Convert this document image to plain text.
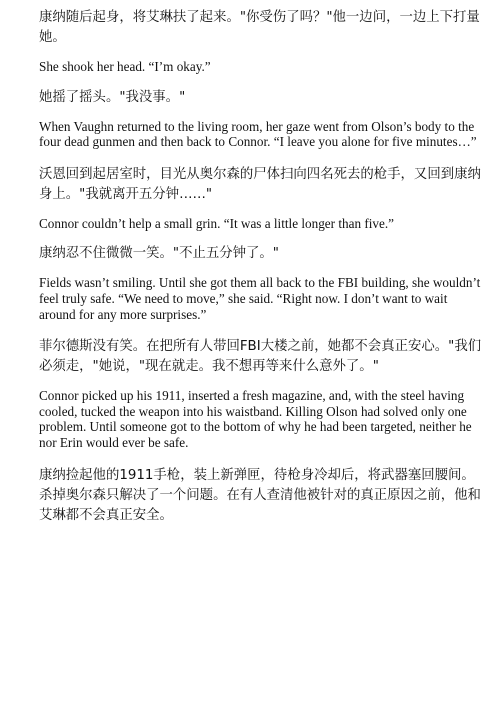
康纳随后起身，将艾琳扶了起来。"你受伤了吗？"他一边问，一边上下打量她。

She shook her head. “I’m okay.”

她摇了摇头。"我没事。"

When Vaughn returned to the living room, her gaze went from Olson’s body to the four dead gunmen and then back to Connor. “I leave you alone for five minutes…”

沃恩回到起居室时，目光从奥尔森的尸体扫向四名死去的枪手，又回到康纳身上。"我就离开五分钟……"

Connor couldn’t help a small grin. “It was a little longer than five.”

康纳忍不住微微一笑。"不止五分钟了。"

Fields wasn’t smiling. Until she got them all back to the FBI building, she wouldn’t feel truly safe. “We need to move,” she said. “Right now. I don’t want to wait around for any more surprises.”

菲尔德斯没有笑。在把所有人带回FBI大楼之前，她都不会真正安心。"我们必须走，"她说，"现在就走。我不想再等来什么意外了。"

Connor picked up his 1911, inserted a fresh magazine, and, with the steel having cooled, tucked the weapon into his waistband. Killing Olson had solved only one problem. Until someone got to the bottom of why he had been targeted, neither he nor Erin would ever be safe.

康纳捡起他的1911手枪，装上新弹匣，待枪身冷却后，将武器塞回腰间。杀掉奥尔森只解决了一个问题。在有人查清他被针对的真正原因之前，他和艾琳都不会真正安全。
